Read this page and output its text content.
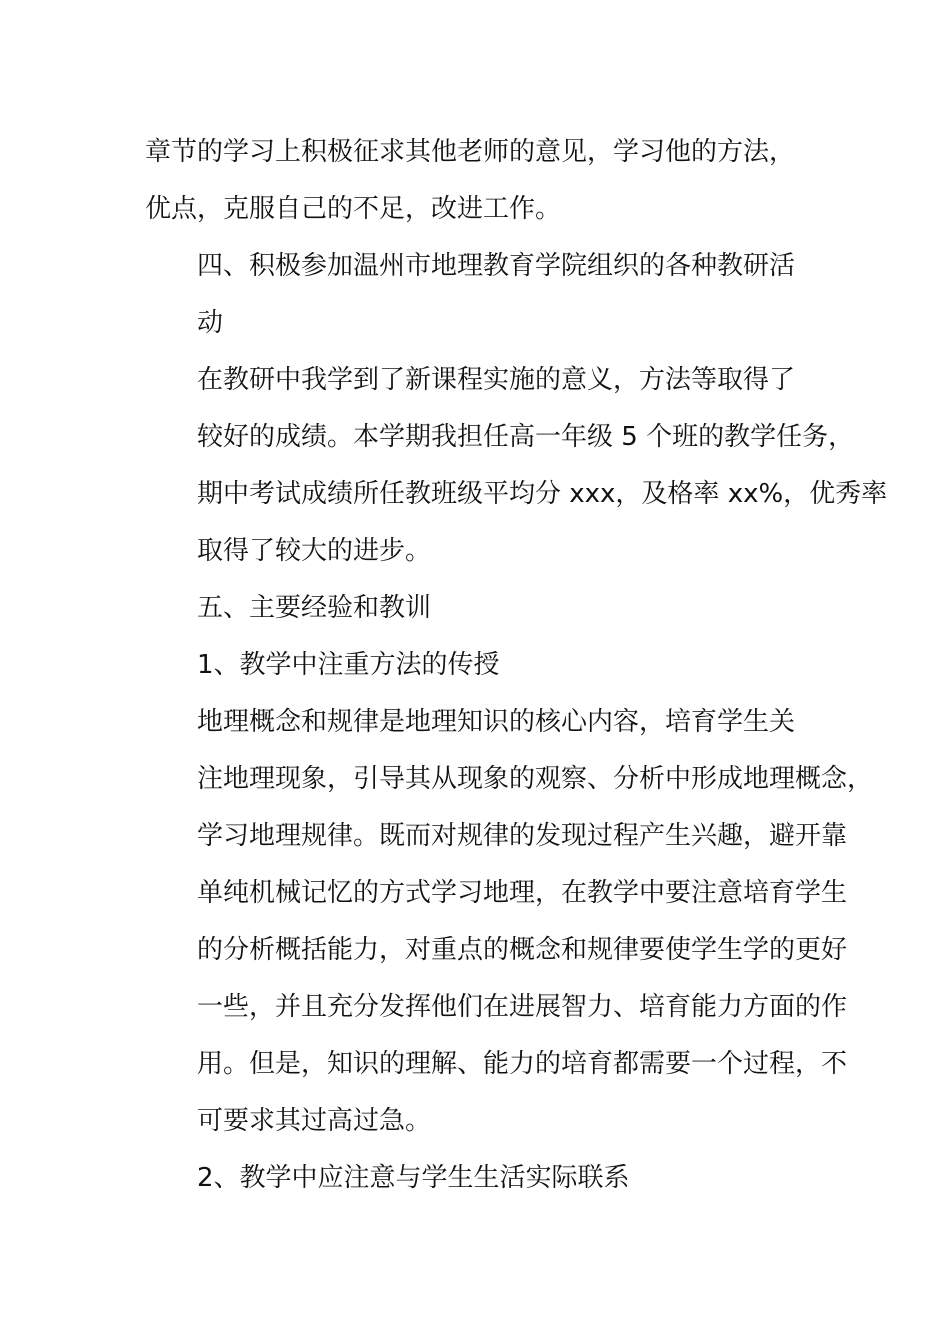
章节的学习上积极征求其他老师的意见，学习他的方法，
优点，克服自己的不足，改进工作。

四、积极参加温州市地理教育学院组织的各种教研活
动

在教研中我学到了新课程实施的意义，方法等取得了
较好的成绩。本学期我担任高一年级 5 个班的教学任务，
期中考试成绩所任教班级平均分 xxx，及格率 xx%，优秀率
取得了较大的进步。

五、主要经验和教训

1、教学中注重方法的传授

地理概念和规律是地理知识的核心内容，培育学生关
注地理现象，引导其从现象的观察、分析中形成地理概念，
学习地理规律。既而对规律的发现过程产生兴趣，避开靠
单纯机械记忆的方式学习地理，在教学中要注意培育学生
的分析概括能力，对重点的概念和规律要使学生学的更好
一些，并且充分发挥他们在进展智力、培育能力方面的作
用。但是，知识的理解、能力的培育都需要一个过程，不
可要求其过高过急。

2、教学中应注意与学生生活实际联系
